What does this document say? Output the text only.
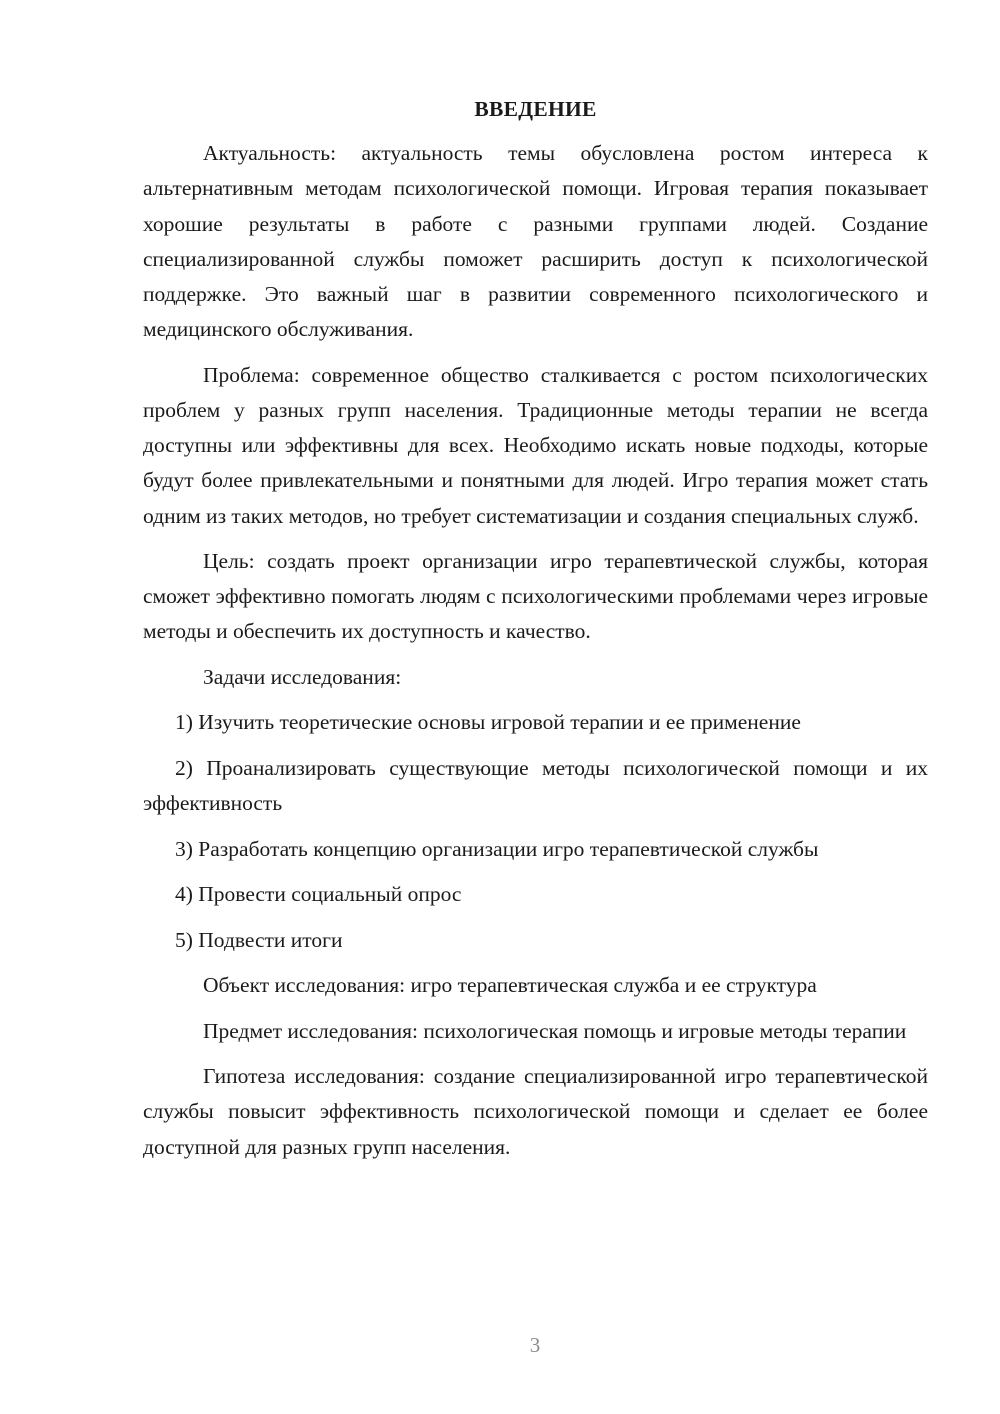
ВВЕДЕНИЕ

Актуальность: актуальность темы обусловлена ростом интереса к альтернативным методам психологической помощи. Игровая терапия показывает хорошие результаты в работе с разными группами людей. Создание специализированной службы поможет расширить доступ к психологической поддержке. Это важный шаг в развитии современного психологического и медицинского обслуживания.

Проблема: современное общество сталкивается с ростом психологических проблем у разных групп населения. Традиционные методы терапии не всегда доступны или эффективны для всех. Необходимо искать новые подходы, которые будут более привлекательными и понятными для людей. Игро терапия может стать одним из таких методов, но требует систематизации и создания специальных служб.

Цель: создать проект организации игро терапевтической службы, которая сможет эффективно помогать людям с психологическими проблемами через игровые методы и обеспечить их доступность и качество.

Задачи исследования:

1) Изучить теоретические основы игровой терапии и ее применение

2) Проанализировать существующие методы психологической помощи и их эффективность

3) Разработать концепцию организации игро терапевтической службы

4) Провести социальный опрос

5) Подвести итоги

Объект исследования: игро терапевтическая служба и ее структура

Предмет исследования: психологическая помощь и игровые методы терапии

Гипотеза исследования: создание специализированной игро терапевтической службы повысит эффективность психологической помощи и сделает ее более доступной для разных групп населения.

3
